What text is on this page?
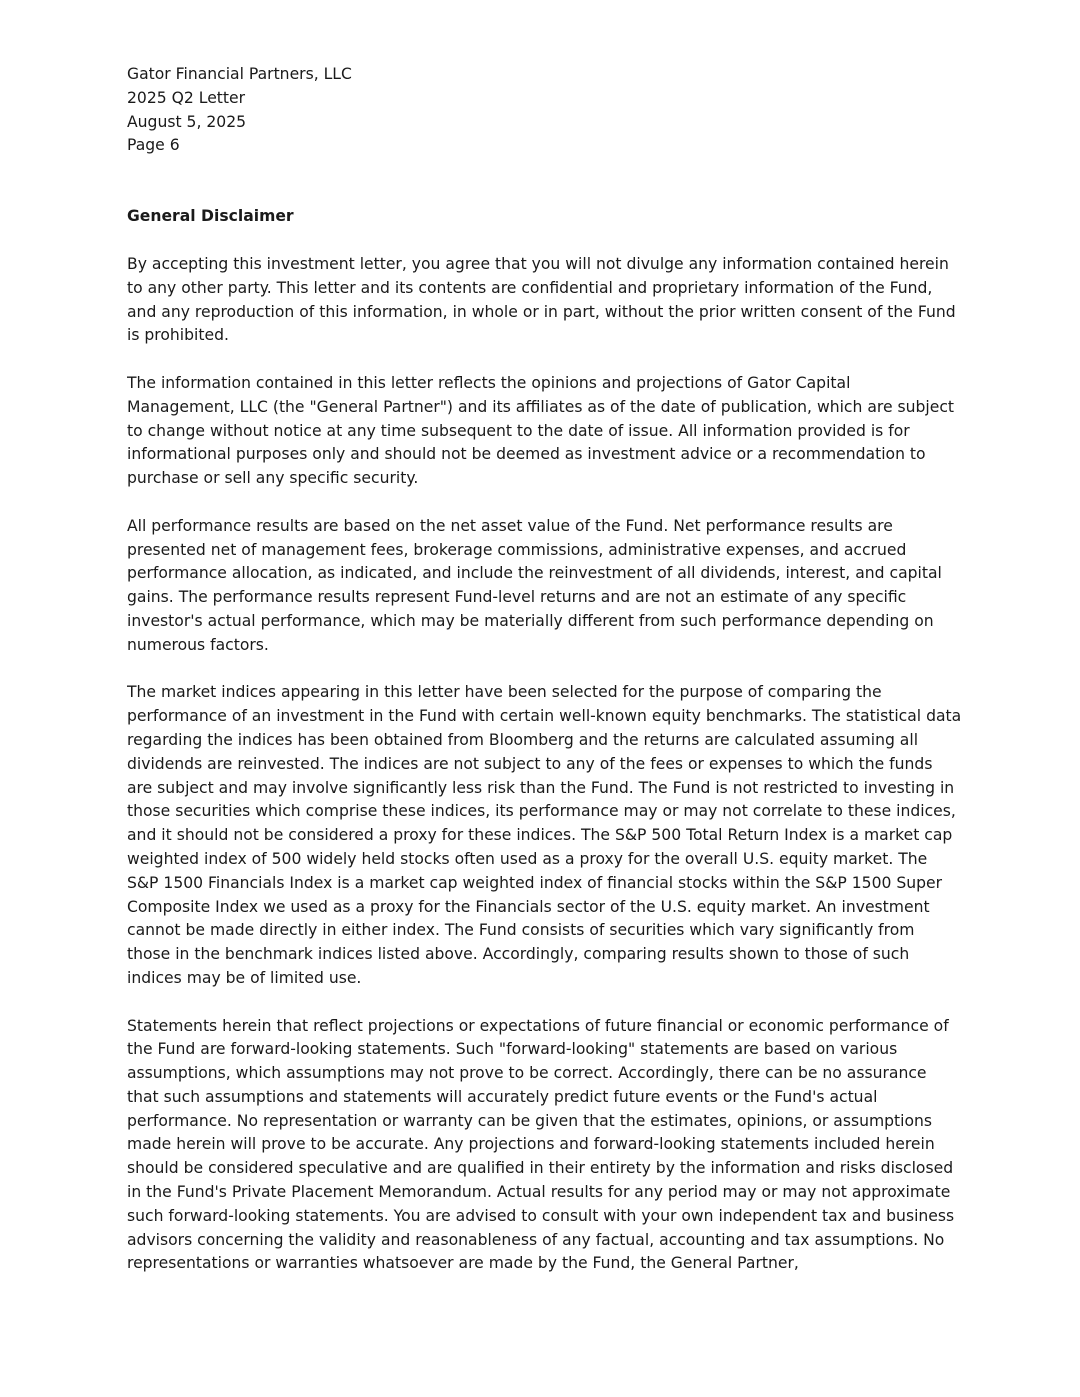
Gator Financial Partners, LLC
2025 Q2 Letter
August 5, 2025
Page 6
General Disclaimer

By accepting this investment letter, you agree that you will not divulge any information contained herein to any other party. This letter and its contents are confidential and proprietary information of the Fund, and any reproduction of this information, in whole or in part, without the prior written consent of the Fund is prohibited.

The information contained in this letter reflects the opinions and projections of Gator Capital Management, LLC (the "General Partner") and its affiliates as of the date of publication, which are subject to change without notice at any time subsequent to the date of issue. All information provided is for informational purposes only and should not be deemed as investment advice or a recommendation to purchase or sell any specific security.

All performance results are based on the net asset value of the Fund. Net performance results are presented net of management fees, brokerage commissions, administrative expenses, and accrued performance allocation, as indicated, and include the reinvestment of all dividends, interest, and capital gains. The performance results represent Fund-level returns and are not an estimate of any specific investor's actual performance, which may be materially different from such performance depending on numerous factors.

The market indices appearing in this letter have been selected for the purpose of comparing the performance of an investment in the Fund with certain well-known equity benchmarks. The statistical data regarding the indices has been obtained from Bloomberg and the returns are calculated assuming all dividends are reinvested. The indices are not subject to any of the fees or expenses to which the funds are subject and may involve significantly less risk than the Fund. The Fund is not restricted to investing in those securities which comprise these indices, its performance may or may not correlate to these indices, and it should not be considered a proxy for these indices. The S&P 500 Total Return Index is a market cap weighted index of 500 widely held stocks often used as a proxy for the overall U.S. equity market. The S&P 1500 Financials Index is a market cap weighted index of financial stocks within the S&P 1500 Super Composite Index we used as a proxy for the Financials sector of the U.S. equity market. An investment cannot be made directly in either index. The Fund consists of securities which vary significantly from those in the benchmark indices listed above. Accordingly, comparing results shown to those of such indices may be of limited use.

Statements herein that reflect projections or expectations of future financial or economic performance of the Fund are forward-looking statements. Such "forward-looking" statements are based on various assumptions, which assumptions may not prove to be correct. Accordingly, there can be no assurance that such assumptions and statements will accurately predict future events or the Fund's actual performance. No representation or warranty can be given that the estimates, opinions, or assumptions made herein will prove to be accurate. Any projections and forward-looking statements included herein should be considered speculative and are qualified in their entirety by the information and risks disclosed in the Fund's Private Placement Memorandum. Actual results for any period may or may not approximate such forward-looking statements. You are advised to consult with your own independent tax and business advisors concerning the validity and reasonableness of any factual, accounting and tax assumptions. No representations or warranties whatsoever are made by the Fund, the General Partner,
